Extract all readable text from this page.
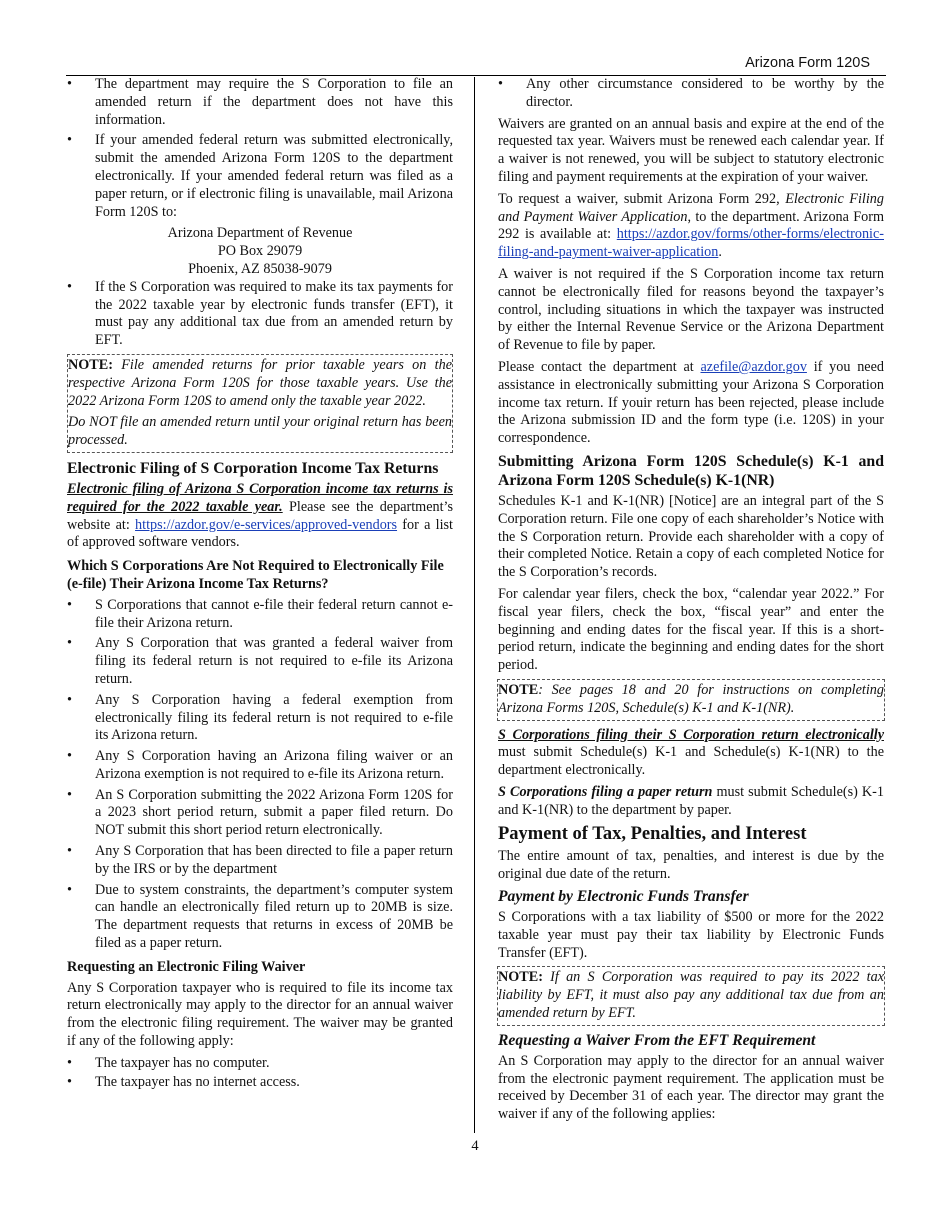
Arizona Form 120S
• The department may require the S Corporation to file an amended return if the department does not have this information.
• If your amended federal return was submitted electronically, submit the amended Arizona Form 120S to the department electronically. If your amended federal return was filed as a paper return, or if electronic filing is unavailable, mail Arizona Form 120S to:
Arizona Department of Revenue
PO Box 29079
Phoenix, AZ 85038-9079
• If the S Corporation was required to make its tax payments for the 2022 taxable year by electronic funds transfer (EFT), it must pay any additional tax due from an amended return by EFT.

NOTE: File amended returns for prior taxable years on the respective Arizona Form 120S for those taxable years. Use the 2022 Arizona Form 120S to amend only the taxable year 2022.

Do NOT file an amended return until your original return has been processed.

Electronic Filing of S Corporation Income Tax Returns

Electronic filing of Arizona S Corporation income tax returns is required for the 2022 taxable year. Please see the department’s website at: https://azdor.gov/e-services/approved-vendors for a list of approved software vendors.

Which S Corporations Are Not Required to Electronically File (e-file) Their Arizona Income Tax Returns?
• S Corporations that cannot e-file their federal return cannot e-file their Arizona return.
• Any S Corporation that was granted a federal waiver from filing its federal return is not required to e-file its Arizona return.
• Any S Corporation having a federal exemption from electronically filing its federal return is not required to e-file its Arizona return.
• Any S Corporation having an Arizona filing waiver or an Arizona exemption is not required to e-file its Arizona return.
• An S Corporation submitting the 2022 Arizona Form 120S for a 2023 short period return, submit a paper filed return. Do NOT submit this short period return electronically.
• Any S Corporation that has been directed to file a paper return by the IRS or by the department
• Due to system constraints, the department’s computer system can handle an electronically filed return up to 20MB is size. The department requests that returns in excess of 20MB be filed as a paper return.
Requesting an Electronic Filing Waiver

Any S Corporation taxpayer who is required to file its income tax return electronically may apply to the director for an annual waiver from the electronic filing requirement. The waiver may be granted if any of the following apply:

• The taxpayer has no computer.
• The taxpayer has no internet access.
• Any other circumstance considered to be worthy by the director.

Waivers are granted on an annual basis and expire at the end of the requested tax year. Waivers must be renewed each calendar year. If a waiver is not renewed, you will be subject to statutory electronic filing and payment requirements at the expiration of your waiver.

To request a waiver, submit Arizona Form 292, Electronic Filing and Payment Waiver Application, to the department. Arizona Form 292 is available at: https://azdor.gov/forms/other-forms/electronic-filing-and-payment-waiver-application.

A waiver is not required if the S Corporation income tax return cannot be electronically filed for reasons beyond the taxpayer’s control, including situations in which the taxpayer was instructed by either the Internal Revenue Service or the Arizona Department of Revenue to file by paper.

Please contact the department at azefile@azdor.gov if you need assistance in electronically submitting your Arizona S Corporation income tax return. If youir return has been rejected, please include the Arizona submission ID and the form type (i.e. 120S) in your correspondence.

Submitting Arizona Form 120S Schedule(s) K-1 and Arizona Form 120S Schedule(s) K-1(NR)

Schedules K-1 and K-1(NR) [Notice] are an integral part of the S Corporation return. File one copy of each shareholder’s Notice with the S Corporation return. Provide each shareholder with a copy of their completed Notice. Retain a copy of each completed Notice for the S Corporation’s records.

For calendar year filers, check the box, “calendar year 2022.” For fiscal year filers, check the box, “fiscal year” and enter the beginning and ending dates for the fiscal year. If this is a short-period return, indicate the beginning and ending dates for the short period.

NOTE: See pages 18 and 20 for instructions on completing Arizona Forms 120S, Schedule(s) K-1 and K-1(NR).

S Corporations filing their S Corporation return electronically must submit Schedule(s) K-1 and Schedule(s) K-1(NR) to the department electronically.

S Corporations filing a paper return must submit Schedule(s) K-1 and K-1(NR) to the department by paper.

Payment of Tax, Penalties, and Interest

The entire amount of tax, penalties, and interest is due by the original due date of the return.

Payment by Electronic Funds Transfer

S Corporations with a tax liability of $500 or more for the 2022 taxable year must pay their tax liability by Electronic Funds Transfer (EFT).

NOTE: If an S Corporation was required to pay its 2022 tax liability by EFT, it must also pay any additional tax due from an amended return by EFT.

Requesting a Waiver From the EFT Requirement

An S Corporation may apply to the director for an annual waiver from the electronic payment requirement. The application must be received by December 31 of each year. The director may grant the waiver if any of the following applies:

4
